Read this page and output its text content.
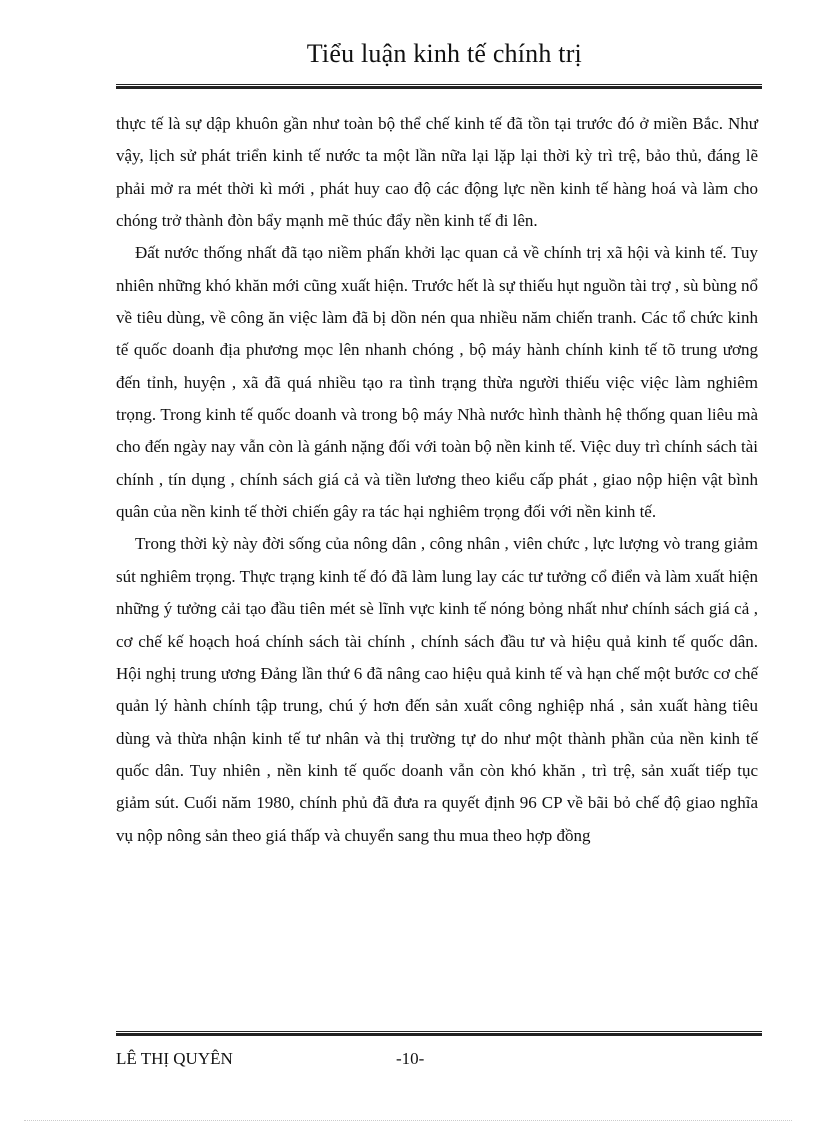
Tiểu luận kinh tế chính trị

thực tế là sự dập khuôn gần như toàn bộ thể chế kinh tế đã tồn tại trước đó ở miền Bắc. Như vậy, lịch sử phát triển kinh tế nước ta một lần nữa lại lặp lại thời kỳ trì trệ, bảo thủ, đáng lẽ phải mở ra mét thời kì mới , phát huy cao độ các động lực nền kinh tế hàng hoá và làm cho chóng trở thành đòn bẩy mạnh mẽ thúc đẩy nền kinh tế đi lên.

Đất nước thống nhất đã tạo niềm phấn khởi lạc quan cả về chính trị xã hội và kinh tế. Tuy nhiên những khó khăn mới cũng xuất hiện. Trước hết là sự thiếu hụt nguồn tài trợ , sù bùng nổ về tiêu dùng, về công ăn việc làm đã bị dồn nén qua nhiều năm chiến tranh. Các tổ chức kinh tế quốc doanh địa phương mọc lên nhanh chóng , bộ máy hành chính kinh tế tõ trung ương đến tỉnh, huyện , xã đã quá nhiều tạo ra tình trạng thừa người thiếu việc việc làm nghiêm trọng. Trong kinh tế quốc doanh và trong bộ máy Nhà nước hình thành hệ thống quan liêu mà cho đến ngày nay vẫn còn là gánh nặng đối với toàn bộ nền kinh tế. Việc duy trì chính sách tài chính , tín dụng , chính sách giá cả và tiền lương theo kiểu cấp phát , giao nộp hiện vật bình quân của nền kinh tế thời chiến gây ra tác hại nghiêm trọng đối với nền kinh tế.

Trong thời kỳ này đời sống của nông dân , công nhân , viên chức , lực lượng vò trang giảm sút nghiêm trọng. Thực trạng kinh tế đó đã làm lung lay các tư tưởng cổ điển và làm xuất hiện những ý tưởng cải tạo đầu tiên mét sè lĩnh vực kinh tế nóng bỏng nhất như chính sách giá cả , cơ chế kế hoạch hoá chính sách tài chính , chính sách đầu tư và hiệu quả kinh tế quốc dân. Hội nghị trung ương Đảng lần thứ 6 đã nâng cao hiệu quả kinh tế và hạn chế một bước cơ chế quản lý hành chính tập trung, chú ý hơn đến sản xuất công nghiệp nhá , sản xuất hàng tiêu dùng và thừa nhận kinh tế tư nhân và thị trường tự do như một thành phần của nền kinh tế quốc dân. Tuy nhiên , nền kinh tế quốc doanh vẫn còn khó khăn , trì trệ, sản xuất tiếp tục giảm sút. Cuối năm 1980, chính phủ đã đưa ra quyết định 96 CP về bãi bỏ chế độ giao nghĩa vụ nộp nông sản theo giá thấp và chuyển sang thu mua theo hợp đồng

LÊ THỊ QUYÊN	-10-
